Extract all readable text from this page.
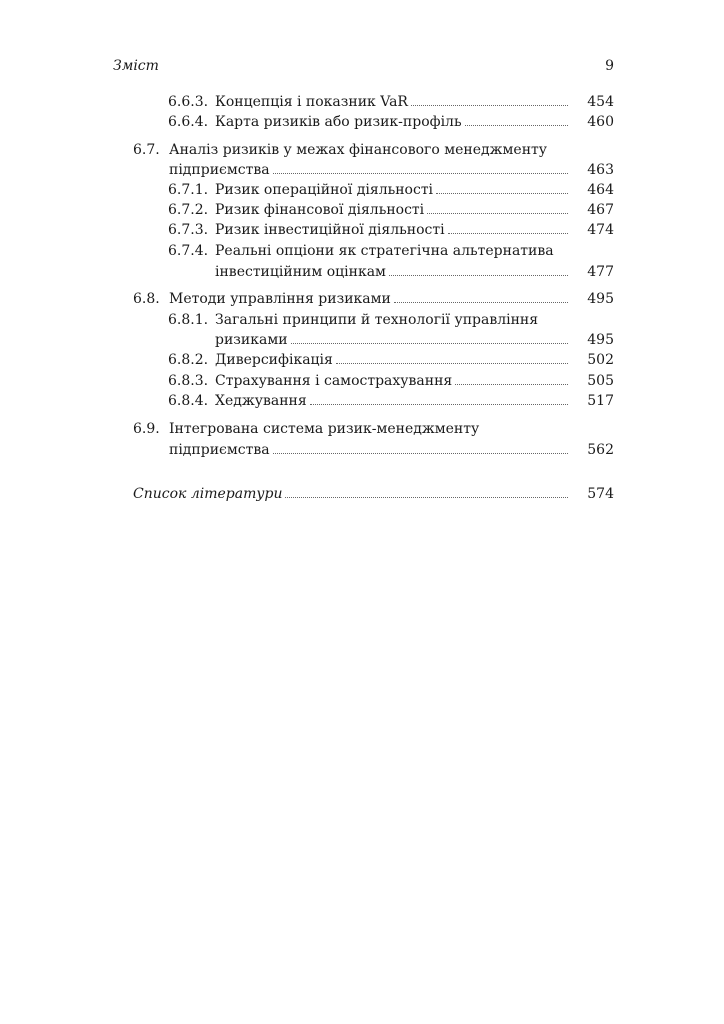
Зміст	9
6.6.3. Концепція і показник VaR	454
6.6.4. Карта ризиків або ризик-профіль	460
6.7. Аналіз ризиків у межах фінансового менеджменту
підприємства	463
6.7.1. Ризик операційної діяльності	464
6.7.2. Ризик фінансової діяльності	467
6.7.3. Ризик інвестиційної діяльності	474
6.7.4. Реальні опціони як стратегічна альтернатива
інвестиційним оцінкам	477
6.8. Методи управління ризиками	495
6.8.1. Загальні принципи й технології управління
ризиками	495
6.8.2. Диверсифікація	502
6.8.3. Страхування і самострахування	505
6.8.4. Хеджування	517
6.9. Інтегрована система ризик-менеджменту
підприємства	562
Список літератури	574
